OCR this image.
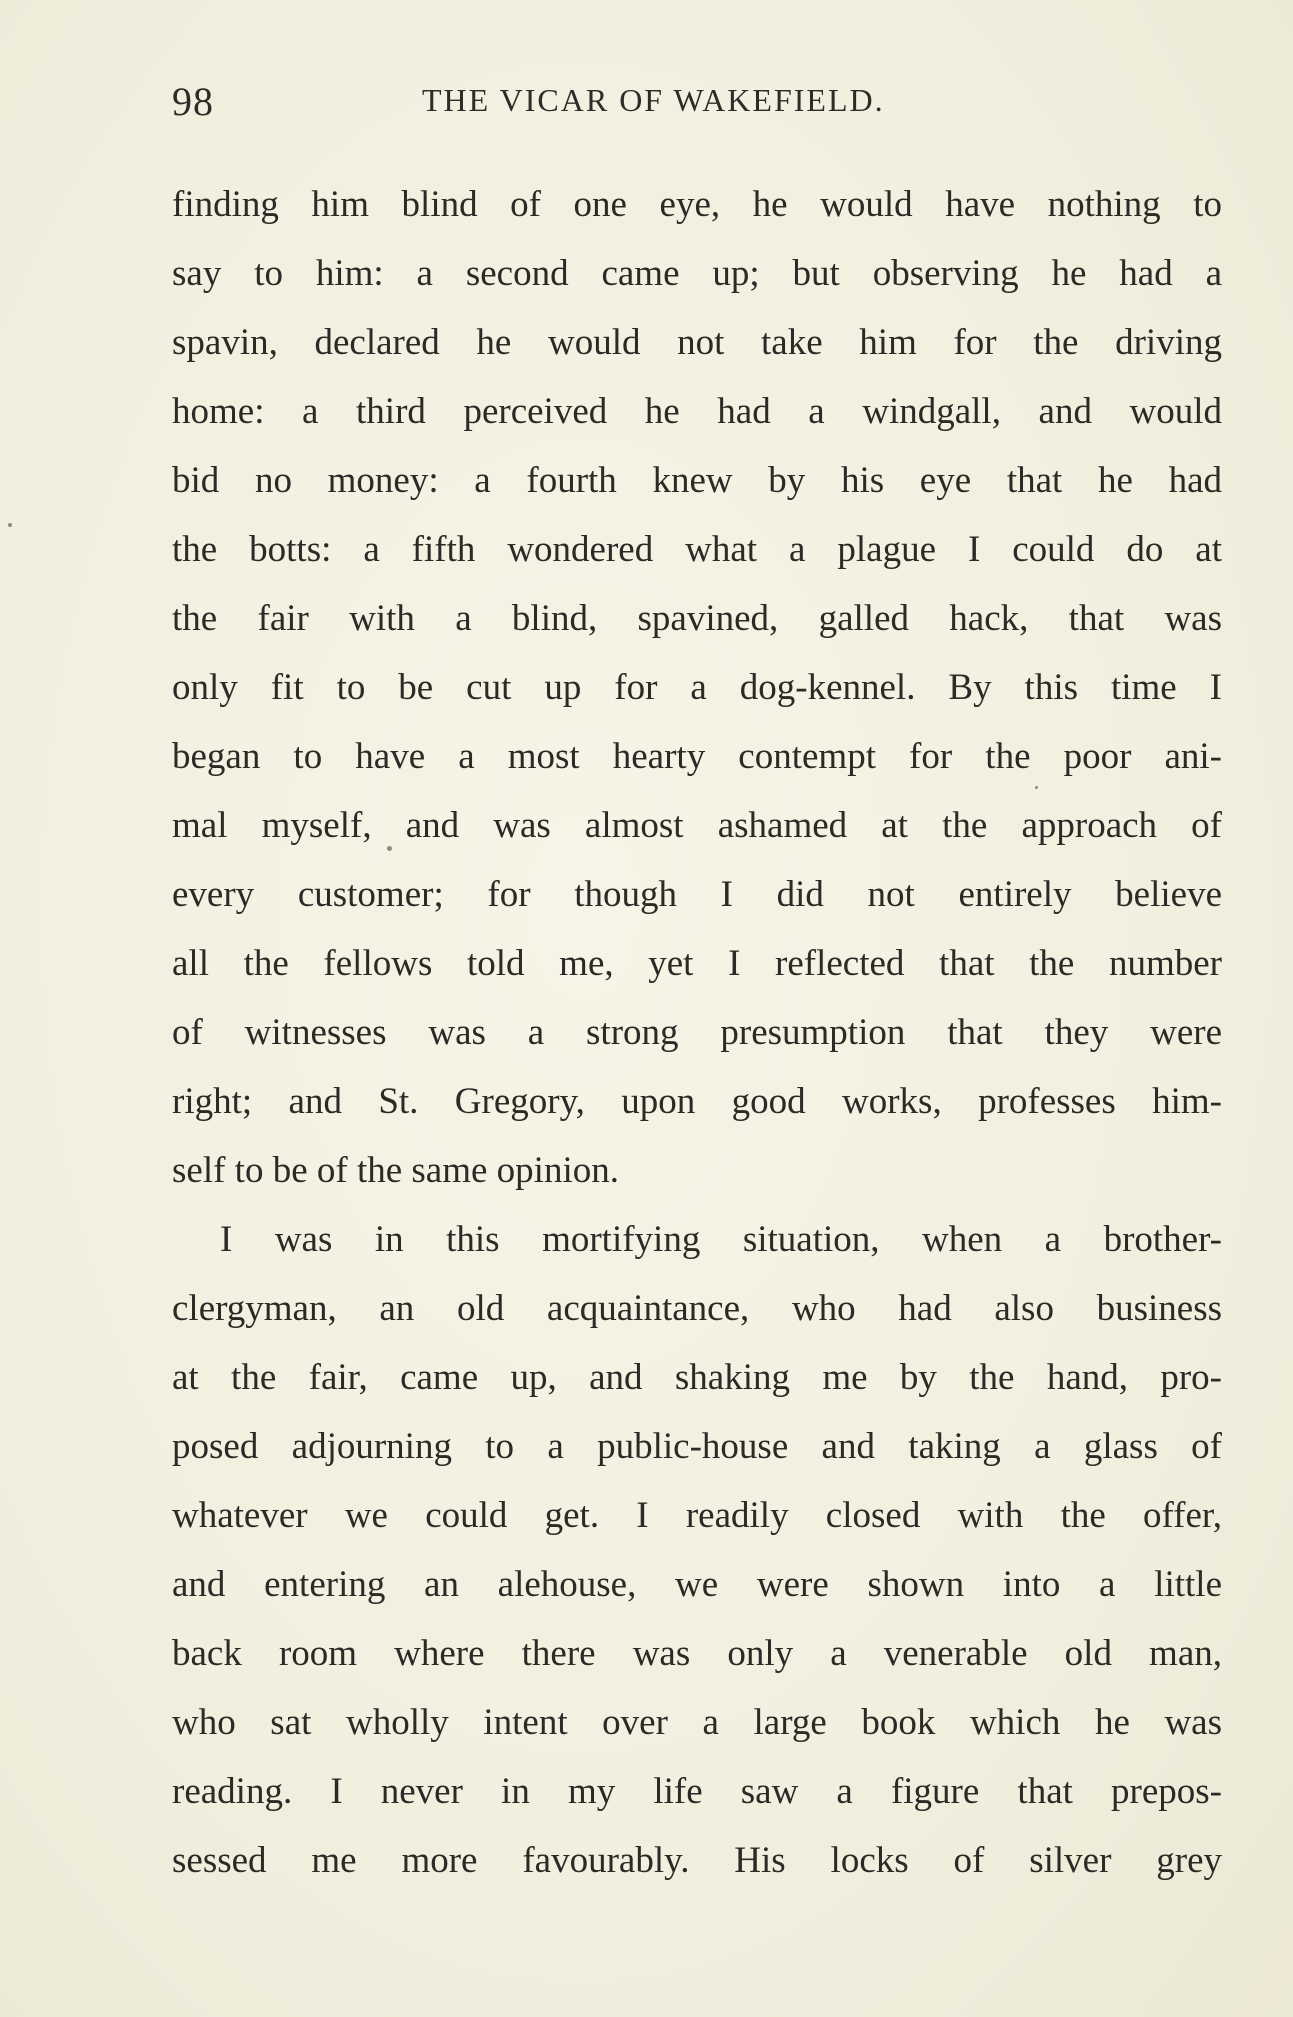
98	THE VICAR OF WAKEFIELD.
finding him blind of one eye, he would have nothing to
say to him: a second came up; but observing he had a
spavin, declared he would not take him for the driving
home: a third perceived he had a windgall, and would
bid no money: a fourth knew by his eye that he had
the botts: a fifth wondered what a plague I could do at
the fair with a blind, spavined, galled hack, that was
only fit to be cut up for a dog-kennel. By this time I
began to have a most hearty contempt for the poor ani-
mal myself, and was almost ashamed at the approach of
every customer; for though I did not entirely believe
all the fellows told me, yet I reflected that the number
of witnesses was a strong presumption that they were
right; and St. Gregory, upon good works, professes him-
self to be of the same opinion.
I was in this mortifying situation, when a brother-
clergyman, an old acquaintance, who had also business
at the fair, came up, and shaking me by the hand, pro-
posed adjourning to a public-house and taking a glass of
whatever we could get. I readily closed with the offer,
and entering an alehouse, we were shown into a little
back room where there was only a venerable old man,
who sat wholly intent over a large book which he was
reading. I never in my life saw a figure that prepos-
sessed me more favourably. His locks of silver grey
